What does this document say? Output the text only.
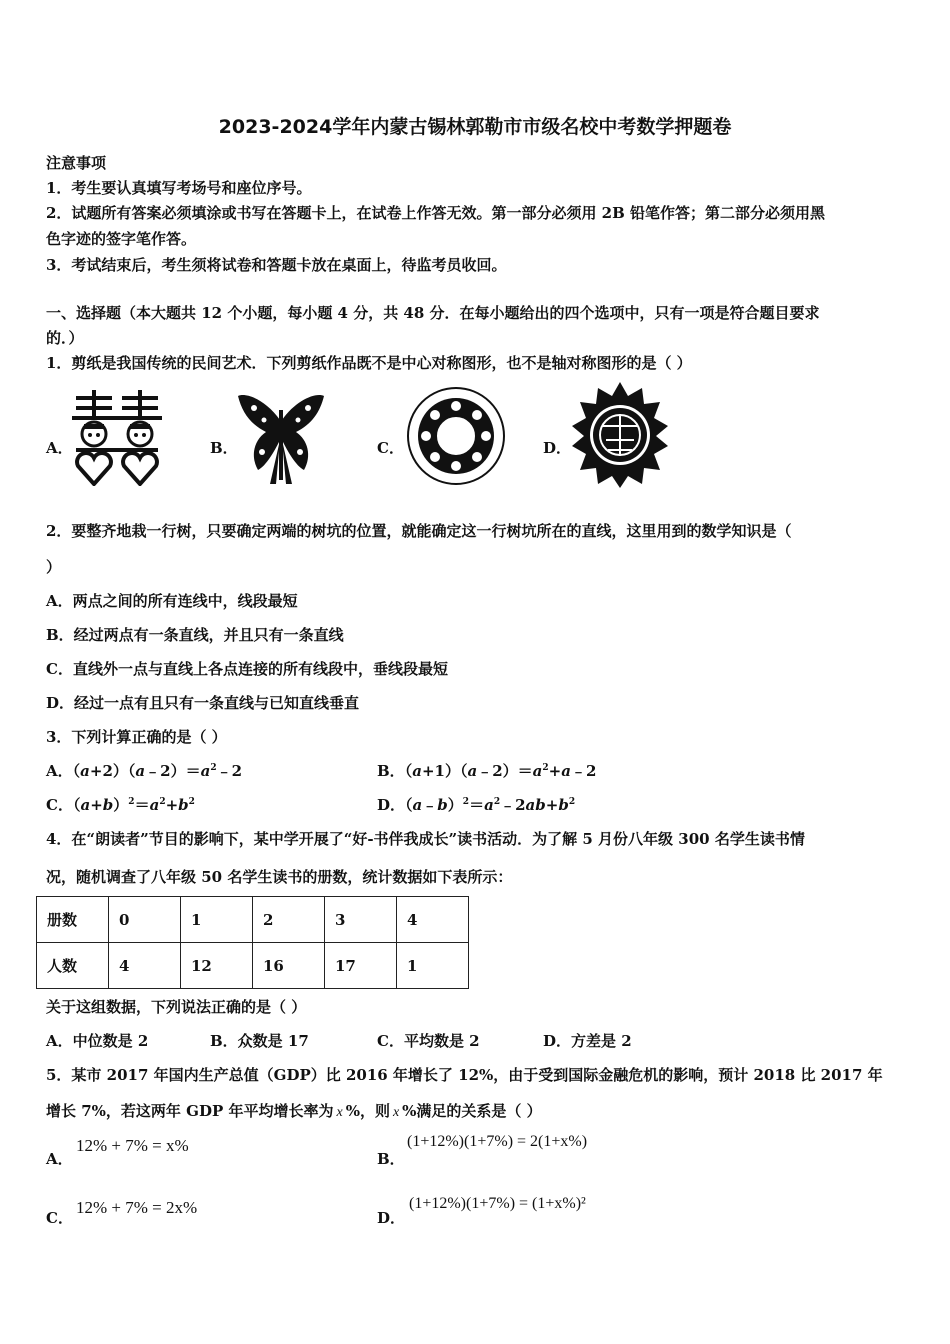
2023-2024学年内蒙古锡林郭勒市市级名校中考数学押题卷
注意事项
1．考生要认真填写考场号和座位序号。
2．试题所有答案必须填涂或书写在答题卡上，在试卷上作答无效。第一部分必须用 2B 铅笔作答；第二部分必须用黑
色字迹的签字笔作答。
3．考试结束后，考生须将试卷和答题卡放在桌面上，待监考员收回。
一、选择题（本大题共 12 个小题，每小题 4 分，共 48 分．在每小题给出的四个选项中，只有一项是符合题目要求
的．）
1．剪纸是我国传统的民间艺术．下列剪纸作品既不是中心对称图形，也不是轴对称图形的是（ ）
A．	B．	C．	D．
2．要整齐地栽一行树，只要确定两端的树坑的位置，就能确定这一行树坑所在的直线，这里用到的数学知识是（
）
A．两点之间的所有连线中，线段最短
B．经过两点有一条直线，并且只有一条直线
C．直线外一点与直线上各点连接的所有线段中，垂线段最短
D．经过一点有且只有一条直线与已知直线垂直
3．下列计算正确的是（ ）
A．$(a+2)(a﹣2)=a^2﹣2$	B．$(a+1)(a﹣2)=a^2+a﹣2$
C．$(a+b)^2=a^2+b^2$	D．$(a﹣b)^2=a^2﹣2ab+b^2$
4．在“朗读者”节目的影响下，某中学开展了“好‐书伴我成长”读书活动．为了解 5 月份八年级 300 名学生读书情
况，随机调查了八年级 50 名学生读书的册数，统计数据如下表所示：
册数	0	1	2	3	4
人数	4	12	16	17	1
关于这组数据，下列说法正确的是（ ）
A．中位数是 2	B．众数是 17	C．平均数是 2	D．方差是 2
5．某市 2017 年国内生产总值（GDP）比 2016 年增长了 12%，由于受到国际金融危机的影响，预计 2018 比 2017 年
增长 7%，若这两年 GDP 年平均增长率为 x %，则 x %满足的关系是（ ）
A．
12% + 7% = x%
B．
(1+12%)(1+7%) = 2(1+x%)
C．
12% + 7% = 2x%
D．
(1+12%)(1+7%) = (1+x%)²
